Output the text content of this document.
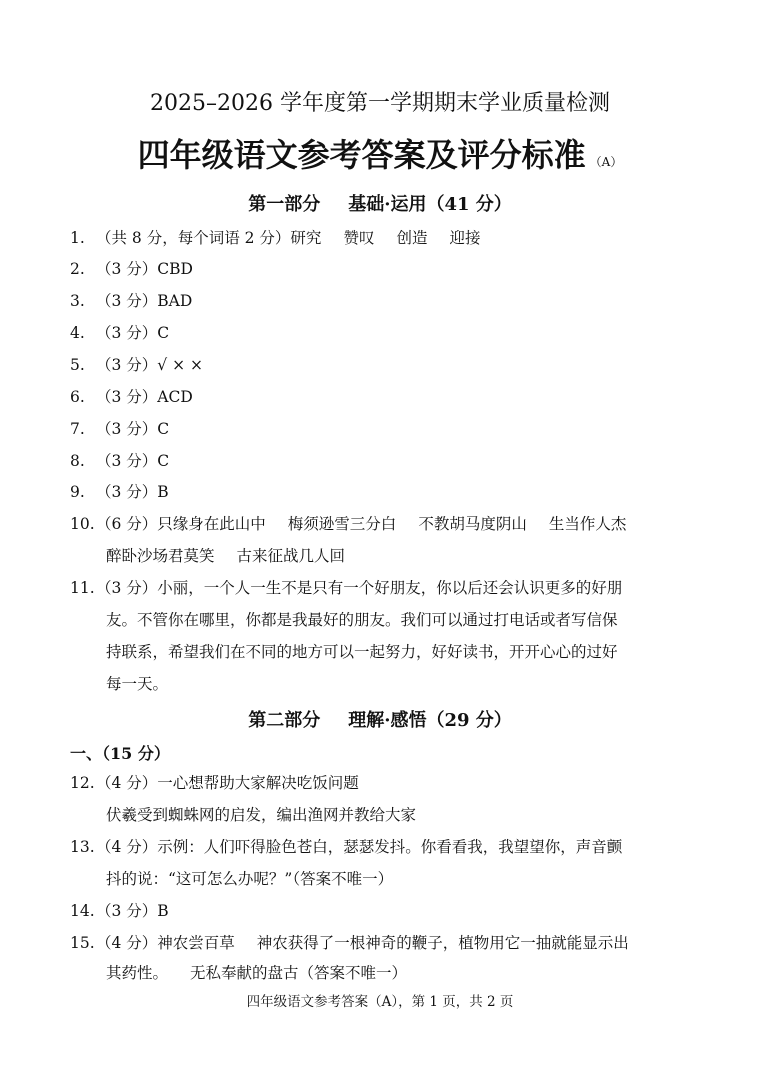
2025–2026 学年度第一学期期末学业质量检测
四年级语文参考答案及评分标准 （A）
第一部分 基础·运用（41 分）
1. （共 8 分，每个词语 2 分）研究 赞叹 创造 迎接
2. （3 分）CBD
3. （3 分）BAD
4. （3 分）C
5. （3 分）√ × ×
6. （3 分）ACD
7. （3 分）C
8. （3 分）C
9. （3 分）B
10.（6 分）只缘身在此山中 梅须逊雪三分白 不教胡马度阴山 生当作人杰
醉卧沙场君莫笑 古来征战几人回
11.（3 分）小丽，一个人一生不是只有一个好朋友，你以后还会认识更多的好朋
友。不管你在哪里，你都是我最好的朋友。我们可以通过打电话或者写信保
持联系，希望我们在不同的地方可以一起努力，好好读书，开开心心的过好
每一天。
第二部分 理解·感悟（29 分）
一、（15 分）
12.（4 分）一心想帮助大家解决吃饭问题
伏羲受到蜘蛛网的启发，编出渔网并教给大家
13.（4 分）示例：人们吓得脸色苍白，瑟瑟发抖。你看看我，我望望你，声音颤
抖的说：“这可怎么办呢？”（答案不唯一）
14.（3 分）B
15.（4 分）神农尝百草 神农获得了一根神奇的鞭子，植物用它一抽就能显示出
其药性。 无私奉献的盘古（答案不唯一）
四年级语文参考答案（A），第 1 页，共 2 页
